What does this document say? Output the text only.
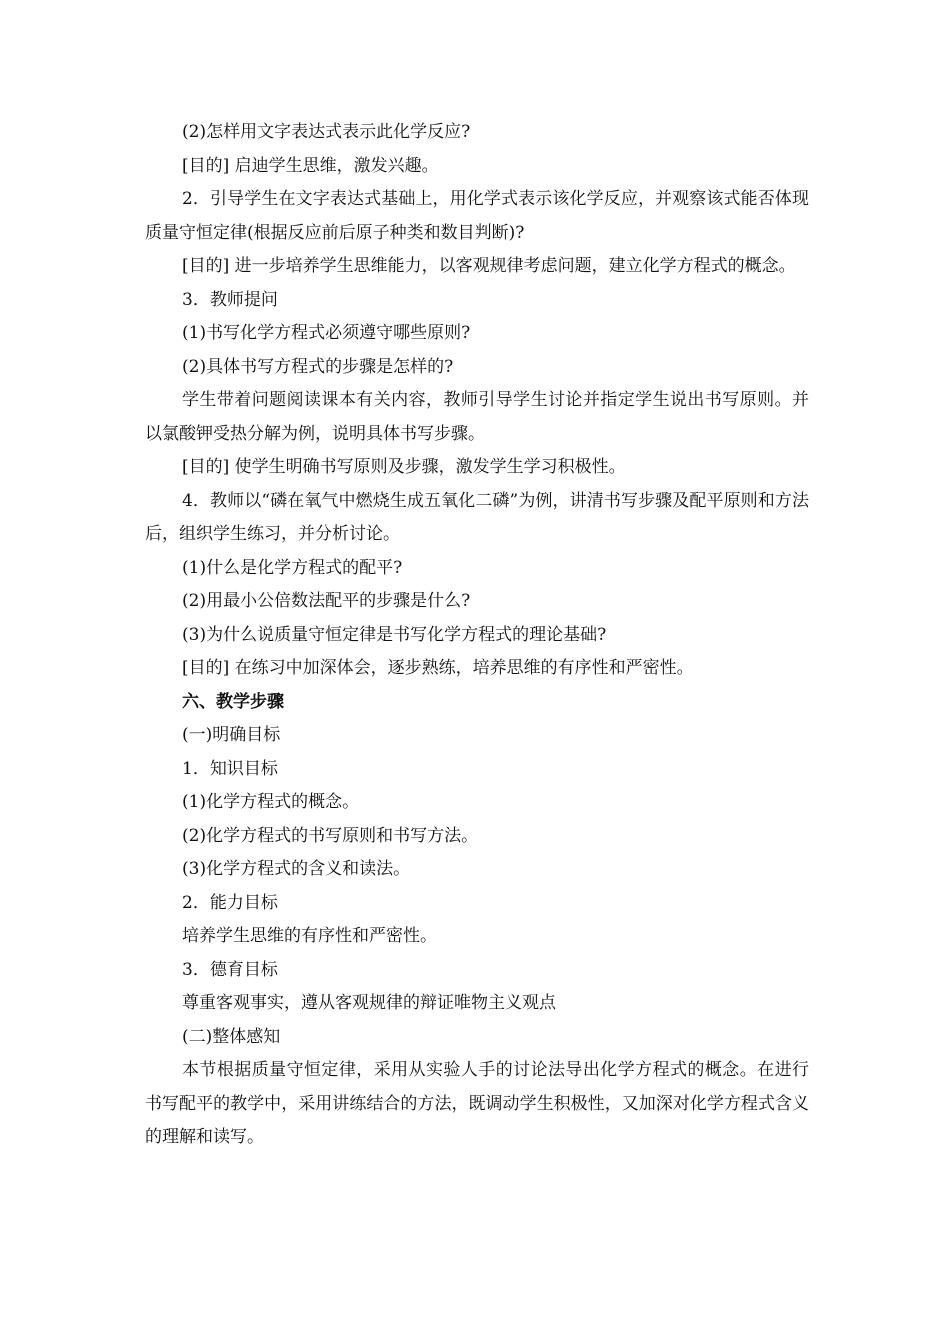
(2)怎样用文字表达式表示此化学反应?

[目的] 启迪学生思维，激发兴趣。

2．引导学生在文字表达式基础上，用化学式表示该化学反应，并观察该式能否体现质量守恒定律(根据反应前后原子种类和数目判断)?

[目的] 进一步培养学生思维能力，以客观规律考虑问题，建立化学方程式的概念。

3．教师提问

(1)书写化学方程式必须遵守哪些原则?

(2)具体书写方程式的步骤是怎样的?

学生带着问题阅读课本有关内容，教师引导学生讨论并指定学生说出书写原则。并以氯酸钾受热分解为例，说明具体书写步骤。

[目的] 使学生明确书写原则及步骤，激发学生学习积极性。

4．教师以“磷在氧气中燃烧生成五氧化二磷”为例，讲清书写步骤及配平原则和方法后，组织学生练习，并分析讨论。

(1)什么是化学方程式的配平?

(2)用最小公倍数法配平的步骤是什么?

(3)为什么说质量守恒定律是书写化学方程式的理论基础?

[目的] 在练习中加深体会，逐步熟练，培养思维的有序性和严密性。

六、教学步骤

(一)明确目标

1．知识目标

(1)化学方程式的概念。

(2)化学方程式的书写原则和书写方法。

(3)化学方程式的含义和读法。

2．能力目标

培养学生思维的有序性和严密性。

3．德育目标

尊重客观事实，遵从客观规律的辩证唯物主义观点

(二)整体感知

本节根据质量守恒定律，采用从实验人手的讨论法导出化学方程式的概念。在进行书写配平的教学中，采用讲练结合的方法，既调动学生积极性，又加深对化学方程式含义的理解和读写。
